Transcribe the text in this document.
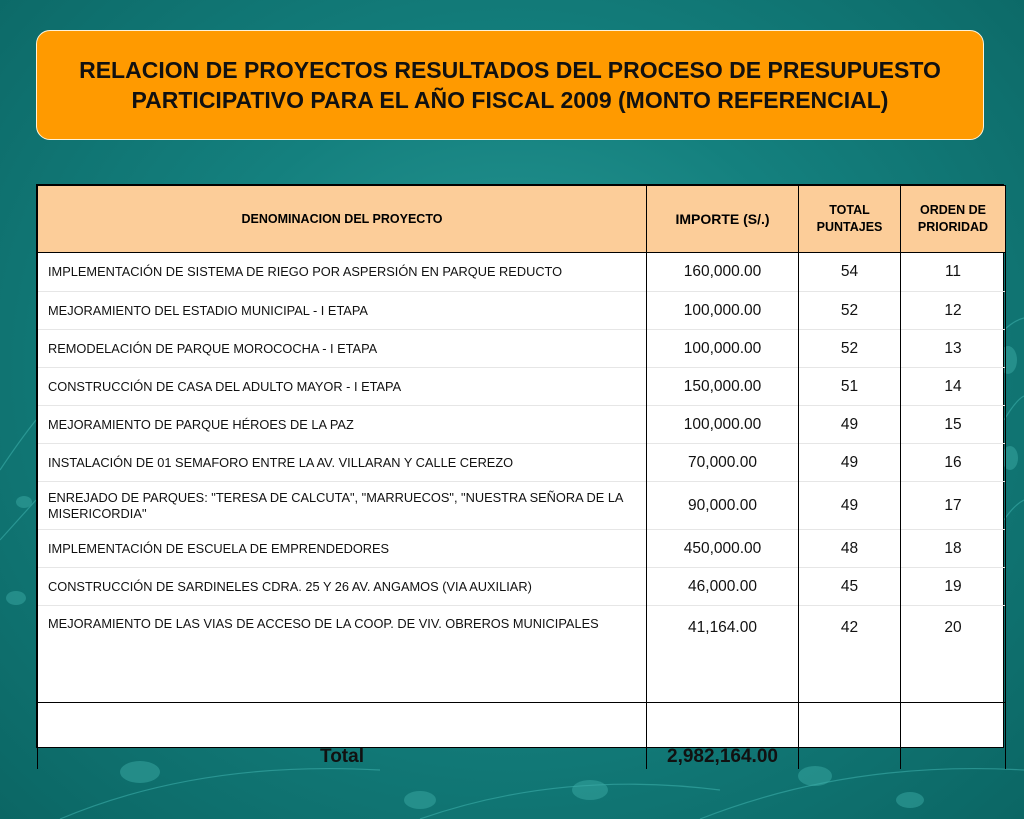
RELACION DE PROYECTOS RESULTADOS DEL PROCESO DE PRESUPUESTO PARTICIPATIVO PARA EL AÑO FISCAL 2009 (MONTO REFERENCIAL)
DENOMINACION DEL PROYECTO	IMPORTE (S/.)	TOTAL PUNTAJES	ORDEN DE PRIORIDAD
IMPLEMENTACIÓN DE SISTEMA DE RIEGO POR ASPERSIÓN EN PARQUE REDUCTO	160,000.00	54	11
MEJORAMIENTO DEL ESTADIO MUNICIPAL - I ETAPA	100,000.00	52	12
REMODELACIÓN DE PARQUE MOROCOCHA - I ETAPA	100,000.00	52	13
CONSTRUCCIÓN DE CASA DEL ADULTO MAYOR - I ETAPA	150,000.00	51	14
MEJORAMIENTO DE PARQUE HÉROES DE LA PAZ	100,000.00	49	15
INSTALACIÓN DE 01 SEMAFORO ENTRE LA AV. VILLARAN Y CALLE CEREZO	70,000.00	49	16
ENREJADO DE PARQUES: "TERESA DE CALCUTA", "MARRUECOS", "NUESTRA SEÑORA DE LA MISERICORDIA''	90,000.00	49	17
IMPLEMENTACIÓN DE ESCUELA DE EMPRENDEDORES	450,000.00	48	18
CONSTRUCCIÓN DE SARDINELES CDRA. 25 Y 26 AV. ANGAMOS (VIA AUXILIAR)	46,000.00	45	19
MEJORAMIENTO DE LAS VIAS DE ACCESO DE LA COOP. DE VIV. OBREROS MUNICIPALES	41,164.00	42	20
Total	2,982,164.00		
